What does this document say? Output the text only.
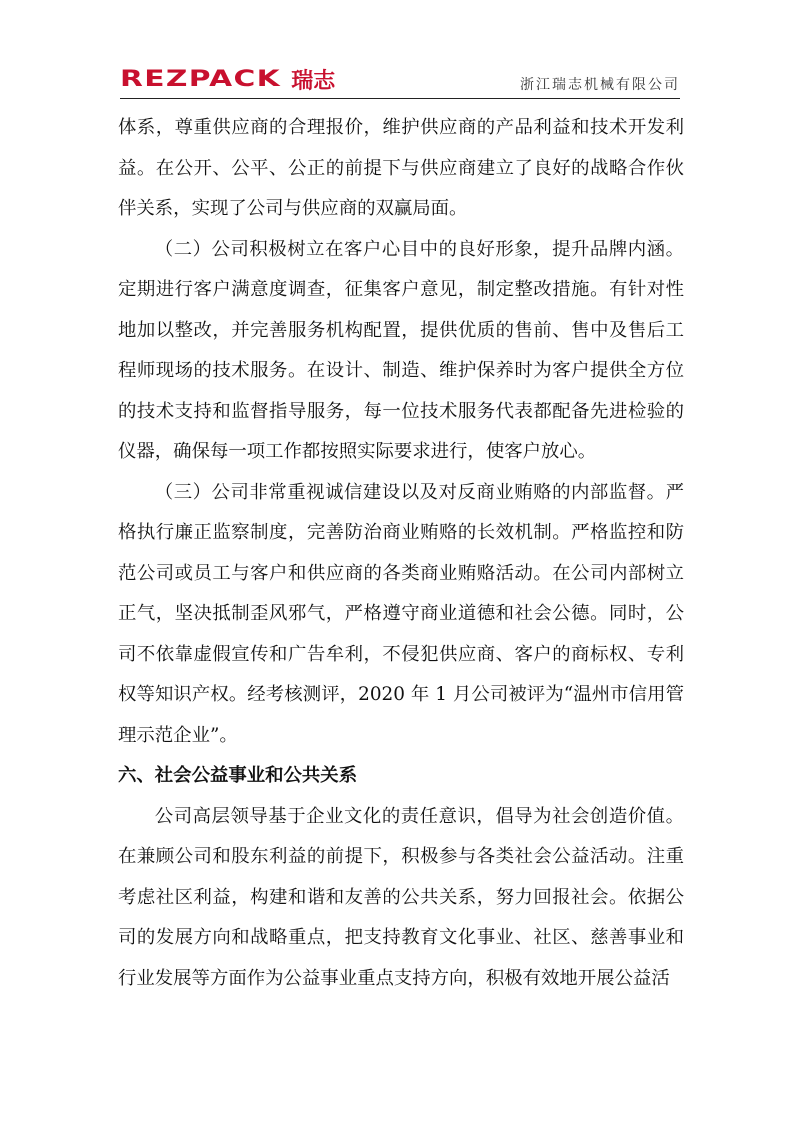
REZPACK 瑞志	浙江瑞志机械有限公司

体系，尊重供应商的合理报价，维护供应商的产品利益和技术开发利益。在公开、公平、公正的前提下与供应商建立了良好的战略合作伙伴关系，实现了公司与供应商的双赢局面。

（二）公司积极树立在客户心目中的良好形象，提升品牌内涵。定期进行客户满意度调查，征集客户意见，制定整改措施。有针对性地加以整改，并完善服务机构配置，提供优质的售前、售中及售后工程师现场的技术服务。在设计、制造、维护保养时为客户提供全方位的技术支持和监督指导服务，每一位技术服务代表都配备先进检验的仪器，确保每一项工作都按照实际要求进行，使客户放心。

（三）公司非常重视诚信建设以及对反商业贿赂的内部监督。严格执行廉正监察制度，完善防治商业贿赂的长效机制。严格监控和防范公司或员工与客户和供应商的各类商业贿赂活动。在公司内部树立正气，坚决抵制歪风邪气，严格遵守商业道德和社会公德。同时，公司不依靠虚假宣传和广告牟利，不侵犯供应商、客户的商标权、专利权等知识产权。经考核测评，2020 年 1 月公司被评为“温州市信用管理示范企业”。

六、社会公益事业和公共关系

公司高层领导基于企业文化的责任意识，倡导为社会创造价值。在兼顾公司和股东利益的前提下，积极参与各类社会公益活动。注重考虑社区利益，构建和谐和友善的公共关系，努力回报社会。依据公司的发展方向和战略重点，把支持教育文化事业、社区、慈善事业和行业发展等方面作为公益事业重点支持方向，积极有效地开展公益活
